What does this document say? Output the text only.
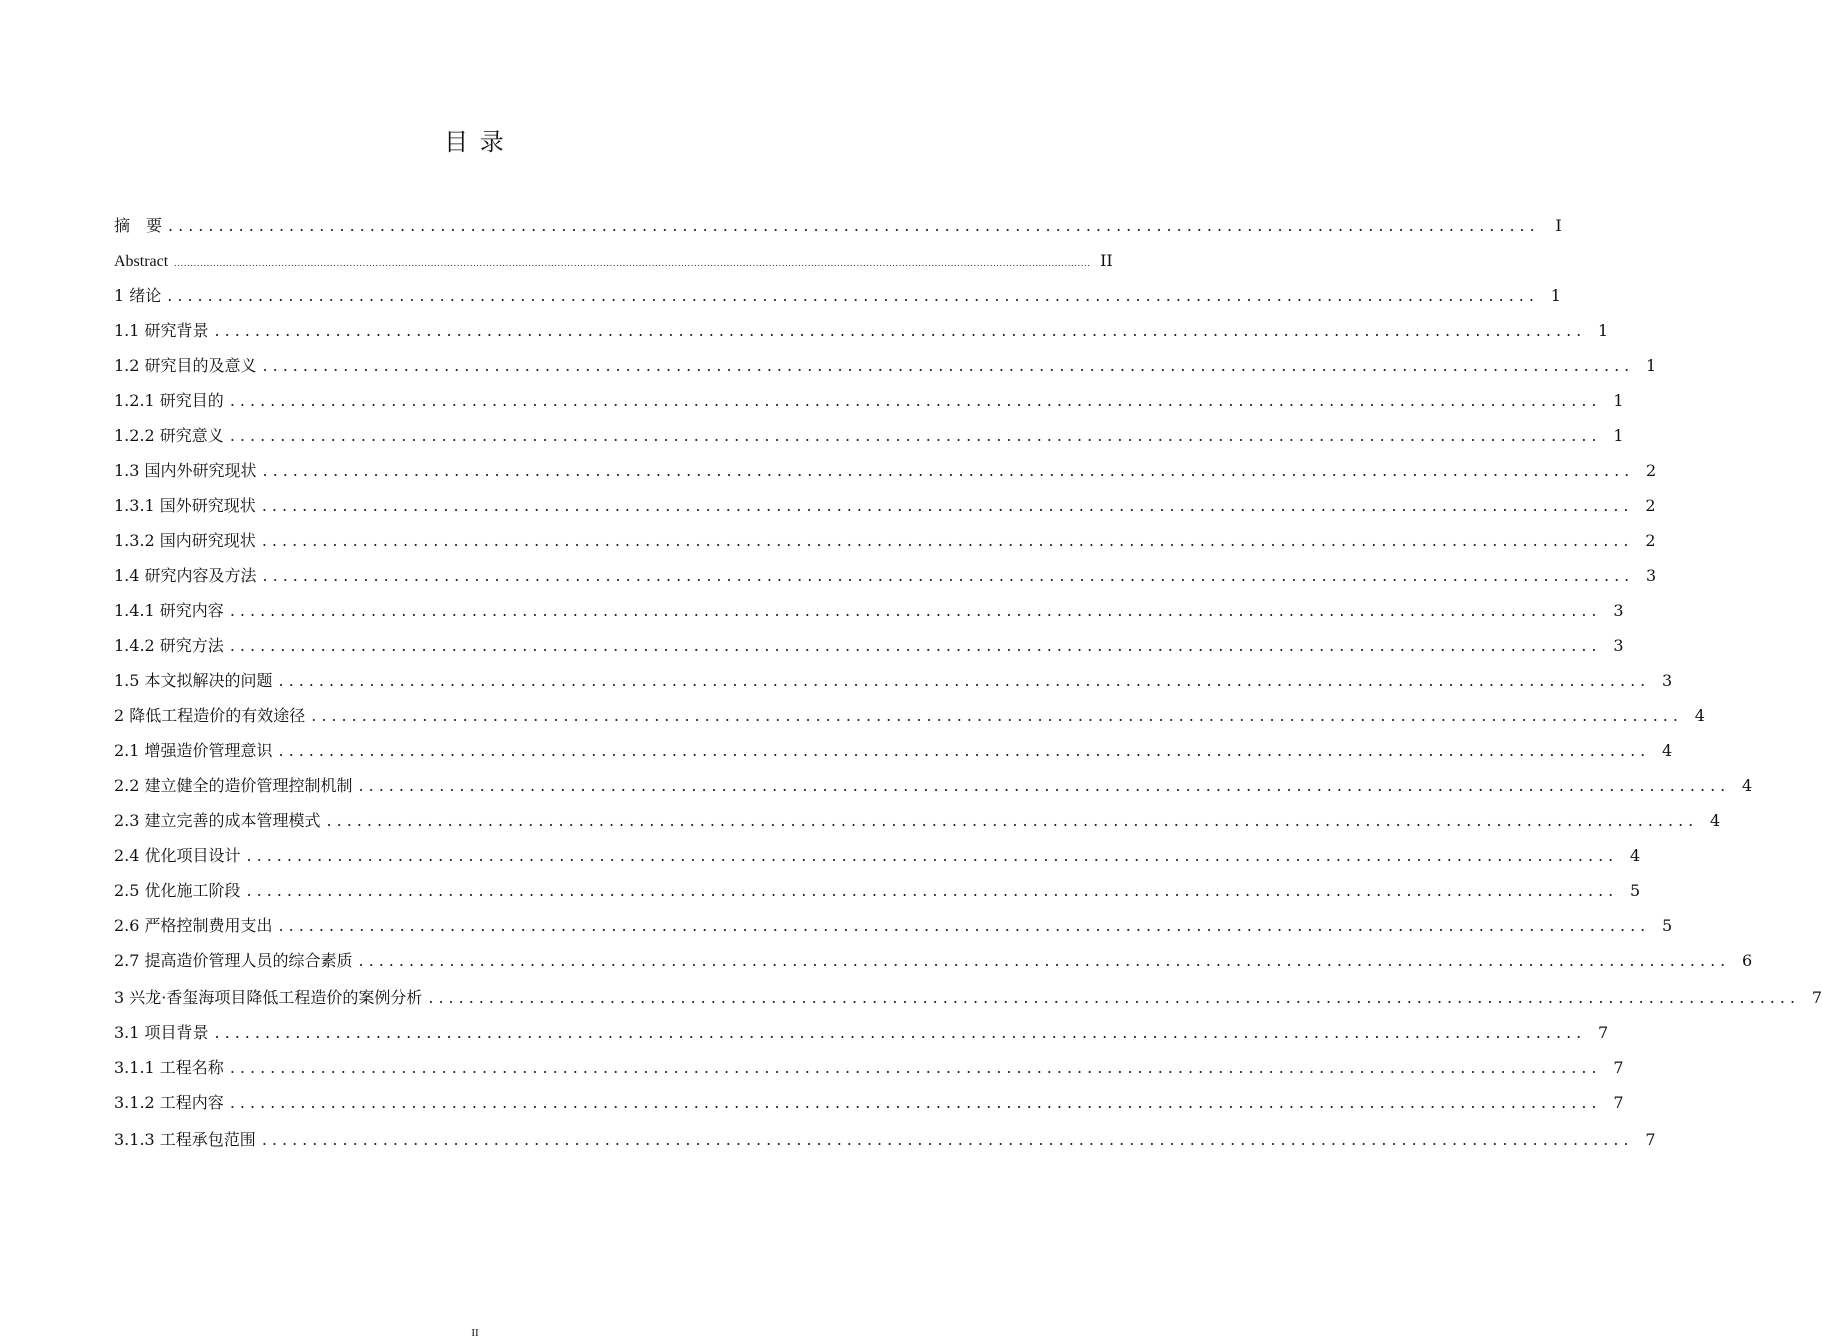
目 录
摘　要 ........................................................................................................................................ I
Abstract .......................................................................................................................................................................................................................................................................................... II
1 绪论 ........................................................................................................................................ 1
1.1 研究背景 ........................................................................................................................................ 1
1.2 研究目的及意义 ........................................................................................................................................ 1
1.2.1 研究目的 ........................................................................................................................................ 1
1.2.2 研究意义 ........................................................................................................................................ 1
1.3 国内外研究现状 ........................................................................................................................................ 2
1.3.1 国外研究现状 ........................................................................................................................................ 2
1.3.2 国内研究现状 ........................................................................................................................................ 2
1.4 研究内容及方法 ........................................................................................................................................ 3
1.4.1 研究内容 ........................................................................................................................................ 3
1.4.2 研究方法 ........................................................................................................................................ 3
1.5 本文拟解决的问题 ........................................................................................................................................ 3
2 降低工程造价的有效途径 ........................................................................................................................................ 4
2.1 增强造价管理意识 ........................................................................................................................................ 4
2.2 建立健全的造价管理控制机制 ........................................................................................................................................ 4
2.3 建立完善的成本管理模式 ........................................................................................................................................ 4
2.4 优化项目设计 ........................................................................................................................................ 4
2.5 优化施工阶段 ........................................................................................................................................ 5
2.6 严格控制费用支出 ........................................................................................................................................ 5
2.7 提高造价管理人员的综合素质 ........................................................................................................................................ 6
3 兴龙·香玺海项目降低工程造价的案例分析 ........................................................................................................................................ 7
3.1 项目背景 ........................................................................................................................................ 7
3.1.1 工程名称 ........................................................................................................................................ 7
3.1.2 工程内容 ........................................................................................................................................ 7
3.1.3 工程承包范围 ........................................................................................................................................ 7
II
